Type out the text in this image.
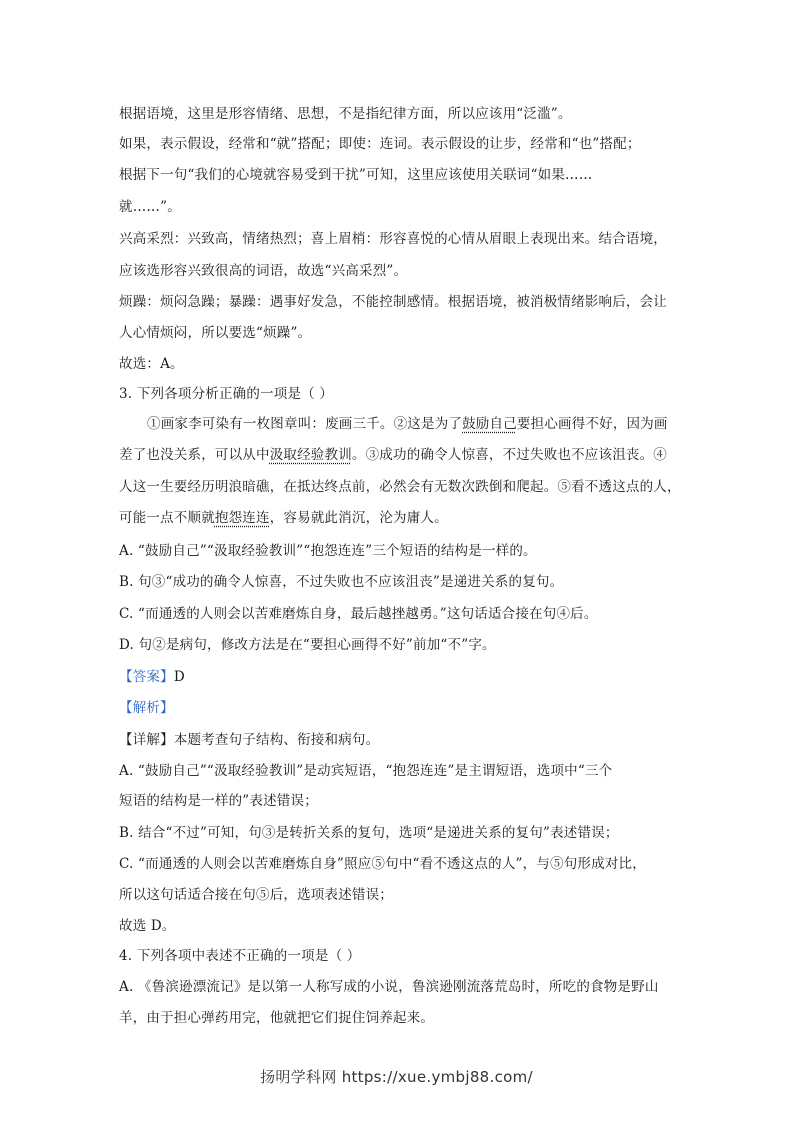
根据语境，这里是形容情绪、思想，不是指纪律方面，所以应该用“泛滥”。
如果，表示假设，经常和“就”搭配；即使：连词。表示假设的让步，经常和“也”搭配；
根据下一句“我们的心境就容易受到干扰”可知，这里应该使用关联词“如果……
就……”。
兴高采烈：兴致高，情绪热烈；喜上眉梢：形容喜悦的心情从眉眼上表现出来。结合语境，
应该选形容兴致很高的词语，故选“兴高采烈”。
烦躁：烦闷急躁；暴躁：遇事好发急，不能控制感情。根据语境，被消极情绪影响后，会让
人心情烦闷，所以要选“烦躁”。
故选：A。
3. 下列各项分析正确的一项是（ ）
①画家李可染有一枚图章叫：废画三千。②这是为了鼓励自己要担心画得不好，因为画
差了也没关系，可以从中汲取经验教训。③成功的确令人惊喜，不过失败也不应该沮丧。④
人这一生要经历明浪暗礁，在抵达终点前，必然会有无数次跌倒和爬起。⑤看不透这点的人，
可能一点不顺就抱怨连连，容易就此消沉，沦为庸人。
A. “鼓励自己”“汲取经验教训”“抱怨连连”三个短语的结构是一样的。
B. 句③“成功的确令人惊喜，不过失败也不应该沮丧”是递进关系的复句。
C. “而通透的人则会以苦难磨炼自身，最后越挫越勇。”这句话适合接在句④后。
D. 句②是病句，修改方法是在“要担心画得不好”前加“不”字。
【答案】D
【解析】
【详解】本题考查句子结构、衔接和病句。
A. “鼓励自己”“汲取经验教训”是动宾短语，“抱怨连连”是主谓短语，选项中“三个
短语的结构是一样的”表述错误；
B. 结合“不过”可知，句③是转折关系的复句，选项“是递进关系的复句”表述错误；
C. “而通透的人则会以苦难磨炼自身”照应⑤句中“看不透这点的人”，与⑤句形成对比，
所以这句话适合接在句⑤后，选项表述错误；
故选 D。
4. 下列各项中表述不正确的一项是（ ）
A. 《鲁滨逊漂流记》是以第一人称写成的小说，鲁滨逊刚流落荒岛时，所吃的食物是野山
羊，由于担心弹药用完，他就把它们捉住饲养起来。
扬明学科网 https://xue.ymbj88.com/
